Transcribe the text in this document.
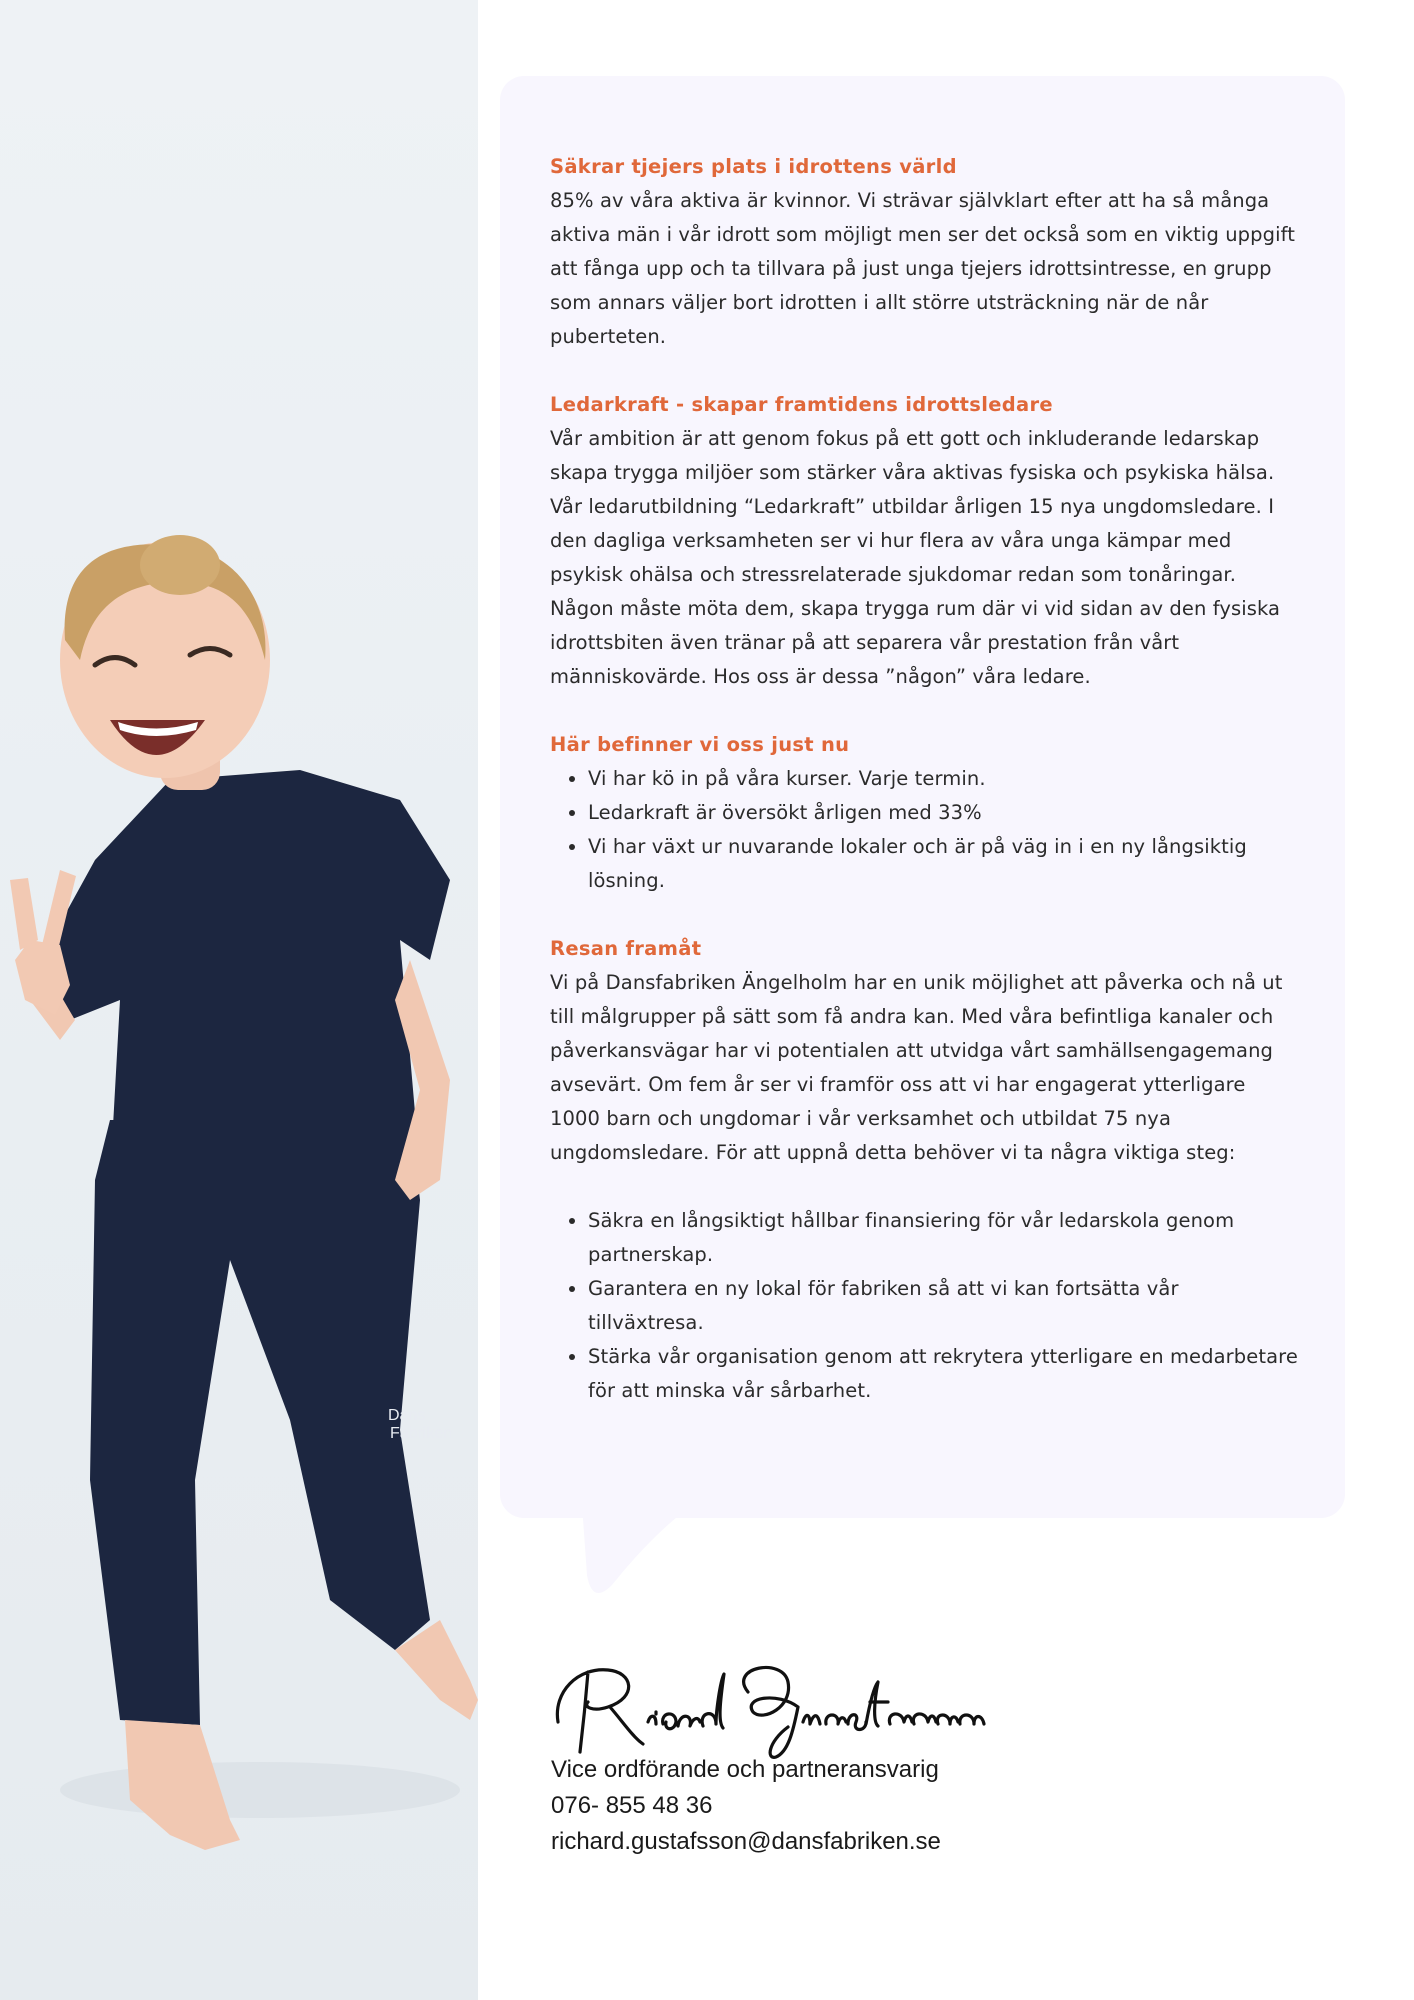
Dans Fabriken
Säkrar tjejers plats i idrottens värld

85% av våra aktiva är kvinnor. Vi strävar självklart efter att ha så många aktiva män i vår idrott som möjligt men ser det också som en viktig uppgift att fånga upp och ta tillvara på just unga tjejers idrottsintresse, en grupp som annars väljer bort idrotten i allt större utsträckning när de når puberteten.

Ledarkraft - skapar framtidens idrottsledare

Vår ambition är att genom fokus på ett gott och inkluderande ledarskap skapa trygga miljöer som stärker våra aktivas fysiska och psykiska hälsa. Vår ledarutbildning “Ledarkraft” utbildar årligen 15 nya ungdomsledare. I den dagliga verksamheten ser vi hur flera av våra unga kämpar med psykisk ohälsa och stressrelaterade sjukdomar redan som tonåringar. Någon måste möta dem, skapa trygga rum där vi vid sidan av den fysiska idrottsbiten även tränar på att separera vår prestation från vårt människovärde. Hos oss är dessa ”någon” våra ledare.

Här befinner vi oss just nu
• Vi har kö in på våra kurser. Varje termin.
• Ledarkraft är översökt årligen med 33%
• Vi har växt ur nuvarande lokaler och är på väg in i en ny långsiktig lösning.
Resan framåt

Vi på Dansfabriken Ängelholm har en unik möjlighet att påverka och nå ut till målgrupper på sätt som få andra kan. Med våra befintliga kanaler och påverkansvägar har vi potentialen att utvidga vårt samhällsengagemang avsevärt. Om fem år ser vi framför oss att vi har engagerat ytterligare 1000 barn och ungdomar i vår verksamhet och utbildat 75 nya ungdomsledare. För att uppnå detta behöver vi ta några viktiga steg:

• Säkra en långsiktigt hållbar finansiering för vår ledarskola genom partnerskap.
• Garantera en ny lokal för fabriken så att vi kan fortsätta vår tillväxtresa.
• Stärka vår organisation genom att rekrytera ytterligare en medarbetare för att minska vår sårbarhet.
Vice ordförande och partneransvarig
076- 855 48 36
richard.gustafsson@dansfabriken.se
